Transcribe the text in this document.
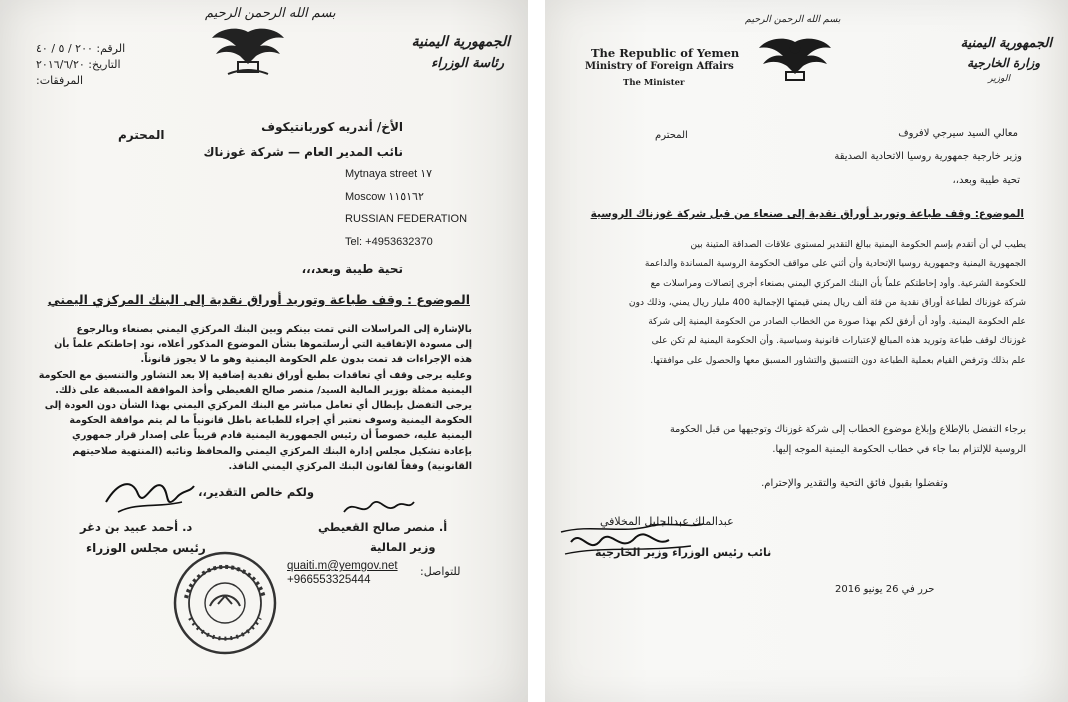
بسم الله الرحمن الرحيم
الجمهورية اليمنية
رئاسة الوزراء
الرقم: ٢٠٠ / ٥ / ٤٠
التاريخ: ٢٠١٦/٦/٢٠
المرفقات:
الأخ/ أندريه كوربانتيكوف
المحترم
نائب المدير العام — شركة غوزناك
Mytnaya street ١٧
Moscow ١١٥١٦٢
RUSSIAN FEDERATION
Tel: +4953632370
تحية طيبة وبعد،،،
الموضوع : وقف طباعة وتوريد أوراق نقدية إلى البنك المركزي اليمني

بالإشارة إلى المراسلات التي تمت بينكم وبين البنك المركزي اليمني بصنعاء وبالرجوع

إلى مسودة الإتفاقية التي أرسلتموها بشأن الموضوع المذكور أعلاه، نود إحاطتكم علماً بأن

هذه الإجراءات قد تمت بدون علم الحكومة اليمنية وهو ما لا يجوز قانوناً.

وعليه يرجى وقف أي تعاقدات بطبع أوراق نقدية إضافية إلا بعد التشاور والتنسيق مع الحكومة

اليمنية ممثلة بوزير المالية السيد/ منصر صالح القعيطي وأخذ الموافقة المسبقة على ذلك.

يرجى التفضل بإبطال أي تعامل مباشر مع البنك المركزي اليمني بهذا الشأن دون العودة إلى

الحكومة اليمنية وسوف نعتبر أي إجراء للطباعة باطل قانونياً ما لم يتم موافقة الحكومة

اليمنية عليه، خصوصاً أن رئيس الجمهورية اليمنية قادم قريباً على إصدار قرار جمهوري

بإعادة تشكيل مجلس إدارة البنك المركزي اليمني والمحافظ ونائبه (المنتهية صلاحيتهم

القانونية) وفقاً لقانون البنك المركزي اليمني النافذ.

ولكم خالص التقدير،،
د. أحمد عبيد بن دغر
رئيس مجلس الوزراء
أ. منصر صالح القعيطي
وزير المالية
للتواصل:
quaiti.m@yemgov.net
+966553325444
بسم الله الرحمن الرحيم
The Republic of Yemen
Ministry of Foreign Affairs
The Minister
الجمهورية اليمنية
وزارة الخارجية
الوزير
معالي السيد سيرجي لافروف
المحترم
وزير خارجية جمهورية روسيا الاتحادية الصديقة
تحية طيبة وبعد،،
الموضوع: وقف طباعة وتوريد أوراق نقدية إلى صنعاء من قبل شركة غوزناك الروسية

يطيب لي أن أتقدم بإسم الحكومة اليمنية ببالغ التقدير لمستوى علاقات الصداقة المتينة بين

الجمهورية اليمنية وجمهورية روسيا الإتحادية وأن أثني على مواقف الحكومة الروسية المساندة والداعمة

للحكومة الشرعية. وأود إحاطتكم علماً بأن البنك المركزي اليمني بصنعاء أجرى إتصالات ومراسلات مع

شركة غوزناك لطباعة أوراق نقدية من فئة ألف ريال يمني قيمتها الإجمالية 400 مليار ريال يمني، وذلك دون

علم الحكومة اليمنية. وأود أن أرفق لكم بهذا صورة من الخطاب الصادر من الحكومة اليمنية إلى شركة

غوزناك لوقف طباعة وتوريد هذه المبالغ لإعتبارات قانونية وسياسية. وأن الحكومة اليمنية لم تكن على

علم بذلك وترفض القيام بعملية الطباعة دون التنسيق والتشاور المسبق معها والحصول على موافقتها.

برجاء التفضل بالإطلاع وإبلاغ موضوع الخطاب إلى شركة غوزناك وتوجيهها من قبل الحكومة

الروسية للإلتزام بما جاء في خطاب الحكومة اليمنية الموجه إليها.

وتفضلوا بقبول فائق التحية والتقدير والإحترام.
عبدالملك عبدالجليل المخلافي
نائب رئيس الوزراء وزير الخارجية
حرر في 26 يونيو 2016
